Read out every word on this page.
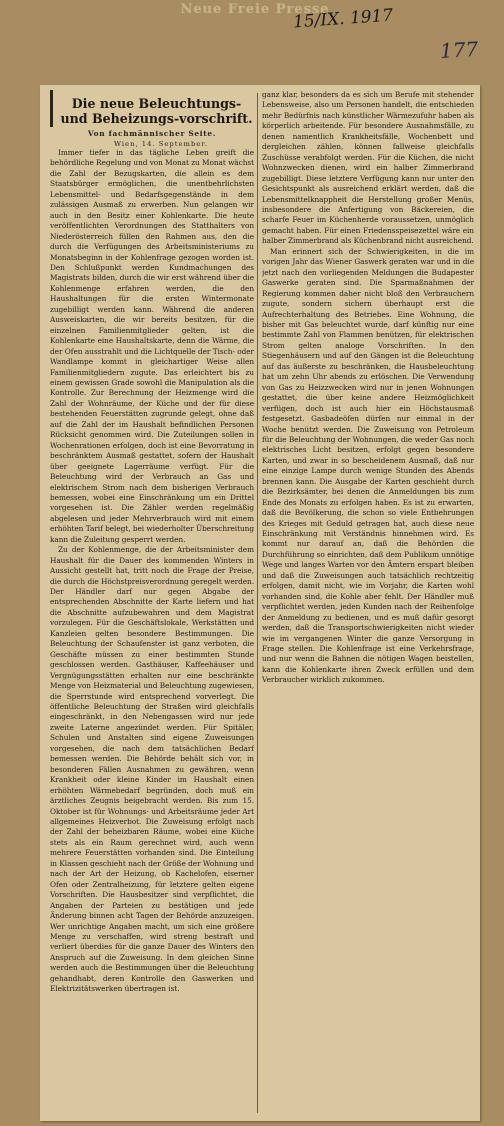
Neue Freie Presse
15/IX. 1917
177
Die neue Beleuchtungs- und Beheizungs-vorschrift.
Von fachmännischer Seite.
Wien, 14. September.

Immer tiefer in das tägliche Leben greift die behördliche Regelung und von Monat zu Monat wächst die Zahl der Bezugskarten, die allein es dem Staatsbürger ermöglichen, die unentbehrlichsten Lebensmittel- und Bedarfsgegenstände in dem zulässigen Ausmaß zu erwerben. Nun gelangen wir auch in den Besitz einer Kohlenkarte. Die heute veröffentlichten Verordnungen des Statthalters von Niederösterreich füllen den Rahmen aus, den die durch die Verfügungen des Arbeitsministeriums zu Monatsbeginn in der Kohlenfrage gezogen worden ist. Den Schlußpunkt werden Kundmachungen des Magistrats bilden, durch die wir erst während über die Kohlenmenge erfahren werden, die den Haushaltungen für die ersten Wintermonate zugebilligt werden kann. Während die anderen Ausweiskarten, die wir bereits besitzen, für die einzelnen Familienmitglieder gelten, ist die Kohlenkarte eine Haushaltskarte, denn die Wärme, die der Ofen ausstrahlt und die Lichtquelle der Tisch- oder Wandlampe kommt in gleichartiger Weise allen Familienmitgliedern zugute. Das erleichtert bis zu einem gewissen Grade sowohl die Manipulation als die Kontrolle. Zur Berechnung der Heizmenge wird die Zahl der Wohnräume, der Küche und der für diese bestehenden Feuerstätten zugrunde gelegt, ohne daß auf die Zahl der im Haushalt befindlichen Personen Rücksicht genommen wird. Die Zuteilungen sollen in Wochenrationen erfolgen, doch ist eine Bevorratung in beschränktem Ausmaß gestattet, sofern der Haushalt über geeignete Lagerräume verfügt. Für die Beleuchtung wird der Verbrauch an Gas und elektrischem Strom nach dem bisherigen Verbrauch bemessen, wobei eine Einschränkung um ein Drittel vorgesehen ist. Die Zähler werden regelmäßig abgelesen und jeder Mehrverbrauch wird mit einem erhöhten Tarif belegt, bei wiederholter Überschreitung kann die Zuleitung gesperrt werden.

Zu der Kohlenmenge, die der Arbeitsminister dem Haushalt für die Dauer des kommenden Winters in Aussicht gestellt hat, tritt noch die Frage der Preise, die durch die Höchstpreisverordnung geregelt werden. Der Händler darf nur gegen Abgabe der entsprechenden Abschnitte der Karte liefern und hat die Abschnitte aufzubewahren und dem Magistrat vorzulegen. Für die Geschäftslokale, Werkstätten und Kanzleien gelten besondere Bestimmungen. Die Beleuchtung der Schaufenster ist ganz verboten, die Geschäfte müssen zu einer bestimmten Stunde geschlossen werden. Gasthäuser, Kaffeehäuser und Vergnügungsstätten erhalten nur eine beschränkte Menge von Heizmaterial und Beleuchtung zugewiesen, die Sperrstunde wird entsprechend vorverlegt. Die öffentliche Beleuchtung der Straßen wird gleichfalls eingeschränkt, in den Nebengassen wird nur jede zweite Laterne angezündet werden. Für Spitäler, Schulen und Anstalten sind eigene Zuweisungen vorgesehen, die nach dem tatsächlichen Bedarf bemessen werden. Die Behörde behält sich vor, in besonderen Fällen Ausnahmen zu gewähren, wenn Krankheit oder kleine Kinder im Haushalt einen erhöhten Wärmebedarf begründen, doch muß ein ärztliches Zeugnis beigebracht werden. Bis zum 15. Oktober ist für Wohnungs- und Arbeitsräume jeder Art allgemeines Heizverbot. Die Zuweisung erfolgt nach der Zahl der beheizbaren Räume, wobei eine Küche stets als ein Raum gerechnet wird, auch wenn mehrere Feuerstätten vorhanden sind. Die Einteilung in Klassen geschieht nach der Größe der Wohnung und nach der Art der Heizung, ob Kachelofen, eiserner Ofen oder Zentralheizung, für letztere gelten eigene Vorschriften. Die Hausbesitzer sind verpflichtet, die Angaben der Parteien zu bestätigen und jede Änderung binnen acht Tagen der Behörde anzuzeigen. Wer unrichtige Angaben macht, um sich eine größere Menge zu verschaffen, wird streng bestraft und verliert überdies für die ganze Dauer des Winters den Anspruch auf die Zuweisung. In dem gleichen Sinne werden auch die Bestimmungen über die Beleuchtung gehandhabt, deren Kontrolle den Gaswerken und Elektrizitätswerken übertragen ist.

ganz klar, besonders da es sich um Berufe mit stehender Lebensweise, also um Personen handelt, die entschieden mehr Bedürfnis nach künstlicher Wärmezufuhr haben als körperlich arbeitende. Für besondere Ausnahmsfälle, zu denen namentlich Krankheitsfälle, Wochenbett und dergleichen zählen, können fallweise gleichfalls Zuschüsse verabfolgt werden. Für die Küchen, die nicht Wohnzwecken dienen, wird ein halber Zimmerbrand zugebilligt. Diese letztere Verfügung kann nur unter den Gesichtspunkt als ausreichend erklärt werden, daß die Lebensmittelknappheit die Herstellung großer Menüs, insbesondere die Anfertigung von Bäckereien, die scharfe Feuer im Küchenherde voraussetzen, unmöglich gemacht haben. Für einen Friedensspeisezettel wäre ein halber Zimmerbrand als Küchenbrand nicht ausreichend.

Man erinnert sich der Schwierigkeiten, in die im vorigen Jahr das Wiener Gaswerk geraten war und in die jetzt nach den vorliegenden Meldungen die Budapester Gaswerke geraten sind. Die Sparmaßnahmen der Regierung kommen daher nicht bloß den Verbrauchern zugute, sondern sichern überhaupt erst die Aufrechterhaltung des Betriebes. Eine Wohnung, die bisher mit Gas beleuchtet wurde, darf künftig nur eine bestimmte Zahl von Flammen benützen, für elektrischen Strom gelten analoge Vorschriften. In den Stiegenhäusern und auf den Gängen ist die Beleuchtung auf das äußerste zu beschränken, die Hausbeleuchtung hat um zehn Uhr abends zu erlöschen. Die Verwendung von Gas zu Heizzwecken wird nur in jenen Wohnungen gestattet, die über keine andere Heizmöglichkeit verfügen, doch ist auch hier ein Höchstausmaß festgesetzt. Gasbadeöfen dürfen nur einmal in der Woche benützt werden. Die Zuweisung von Petroleum für die Beleuchtung der Wohnungen, die weder Gas noch elektrisches Licht besitzen, erfolgt gegen besondere Karten, und zwar in so bescheidenem Ausmaß, daß nur eine einzige Lampe durch wenige Stunden des Abends brennen kann. Die Ausgabe der Karten geschieht durch die Bezirksämter, bei denen die Anmeldungen bis zum Ende des Monats zu erfolgen haben. Es ist zu erwarten, daß die Bevölkerung, die schon so viele Entbehrungen des Krieges mit Geduld getragen hat, auch diese neue Einschränkung mit Verständnis hinnehmen wird. Es kommt nur darauf an, daß die Behörden die Durchführung so einrichten, daß dem Publikum unnötige Wege und langes Warten vor den Ämtern erspart bleiben und daß die Zuweisungen auch tatsächlich rechtzeitig erfolgen, damit nicht, wie im Vorjahr, die Karten wohl vorhanden sind, die Kohle aber fehlt. Der Händler muß verpflichtet werden, jeden Kunden nach der Reihenfolge der Anmeldung zu bedienen, und es muß dafür gesorgt werden, daß die Transportschwierigkeiten nicht wieder wie im vergangenen Winter die ganze Versorgung in Frage stellen. Die Kohlenfrage ist eine Verkehrsfrage, und nur wenn die Bahnen die nötigen Wagen beistellen, kann die Kohlenkarte ihren Zweck erfüllen und dem Verbraucher wirklich zukommen.
